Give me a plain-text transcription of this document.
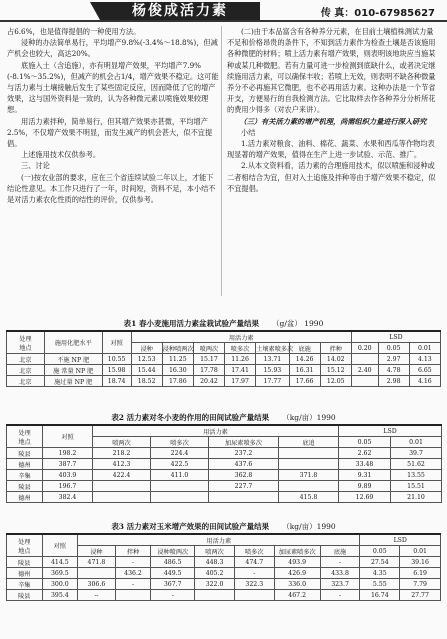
杨俊成活力素	传 真：010-67985627

占6.6%，也是值得提倡的一种使用方法。

浸种的办法简单易行，平均增产9.8%(-3.4%～18.8%)，但减产机会也较大，高达20%。

底施入土（含追施），亦有明显增产效果，平均增产7.9%(-8.1%～35.2%)，但减产的机会占1/4，增产效果不稳定。这可能与活力素与土壤接触后发生了某些固定反应，因而降低了它的增产效果，这与国外资料是一致的，认为各种微元素以喷施效果较理想。

用活力素拌种，简单易行，但其增产效果亦甚微，平均增产2.5%，不仅增产效果不明显，而发生减产的机会甚大，似不宜提倡。

上述施用技术仅供参考。

三、讨论

(一)按农业部的要求，应在三个省连续试验二年以上，才能下结论性意见。本工作只进行了一年，时间短，资料不足，本小结不是对活力素农化性质的结性的评价，仅供参考。

(二)由于本品富含有各种养分元素，在目前土壤植株测试力量不足和价格昂贵的条件下，不知到活力素作为检查土壤是否该施用各种微肥的材料；喷上活力素有增产效果，则表明该地块应当施某种或某几种微肥。若有力量可进一步检测到底缺什么，或者决定继续施用活力素，可以确保丰收；若喷上无效，则表明不缺各种微量养分不必再施其它微肥，也不必再用活力素。这种办法是一个节省开支，方便易行的自我检测方法。它比取样去作各种养分分析所花的费用少得多（对农户来讲）。

（三）有关活力素的增产机理，尚需组织力量进行深入研究

小结

1.活力素对粮食、油料、棉花、蔬菜、水果和西瓜等作物均表现显著的增产效果，值得在生产上进一步试验、示范、推广。

2.从本文资料看，活力素的合理施用技术，似以喷施和浸种或二者相结合为宜，但对入土追施及拌种等由于增产效果不稳定，似不宜提倡。

表1 春小麦施用活力素盆栽试验产量结果 （g/盆） 1990
处理
地点	施用化肥水平	对照	用活力素							LSD		
			浸种	浸种喷两次	喷两次	喷多次	土壤素喷多次	底施	拌种	0.20	0.05	0.01
北京	不施 NP 肥	10.55	12.53	11.25	15.17	11.26	13.71	14.26	14.02		2.97	4.13
北京	施 常量 NP 肥	15.98	15.44	16.30	17.78	17.41	15.93	16.31	15.12	2.40	4.78	6.65
北京	施过量 NP 肥	18.74	18.52	17.86	20.42	17.97	17.77	17.66	12.05		2.98	4.16
表2 活力素对冬小麦的作用的田间试验产量结果 （kg/亩）1990
处理
地点	对照	用活力素				LSD	
		喷两次	喷多次	加尿素喷多次	底追	0.05	0.01
陵县	198.2	218.2	224.4	237.2		2.62	39.7
德州	387.7	412.3	422.5	437.6		33.48	51.62
辛集	403.9	422.4	411.0	362.8	371.8	9.31	13.55
陵县	196.7			227.7		9.89	15.51
德州	382.4				415.8	12.69	21.10
表3 活力素对玉米增产效果的田间试验产量结果 （kg/亩）1990
处理
地点	对照	用活力素							LSD	
		浸种	拌种	浸种喷两次	喷两次	喷多次	加尿素喷多次	底施	0.05	0.01
陵县	414.5	471.8	-	486.5	448.3	474.7	493.9	-	27.54	39.16
德州	369.5		436.2	449.5	405.2	-	426.9	433.8	4.35	6.19
辛集	300.0	306.6	-	367.7	322.0	322.3	336.0	323.7	5.55	7.79
陵县	395.4	--		-			467.2	-	16.74	27.77
